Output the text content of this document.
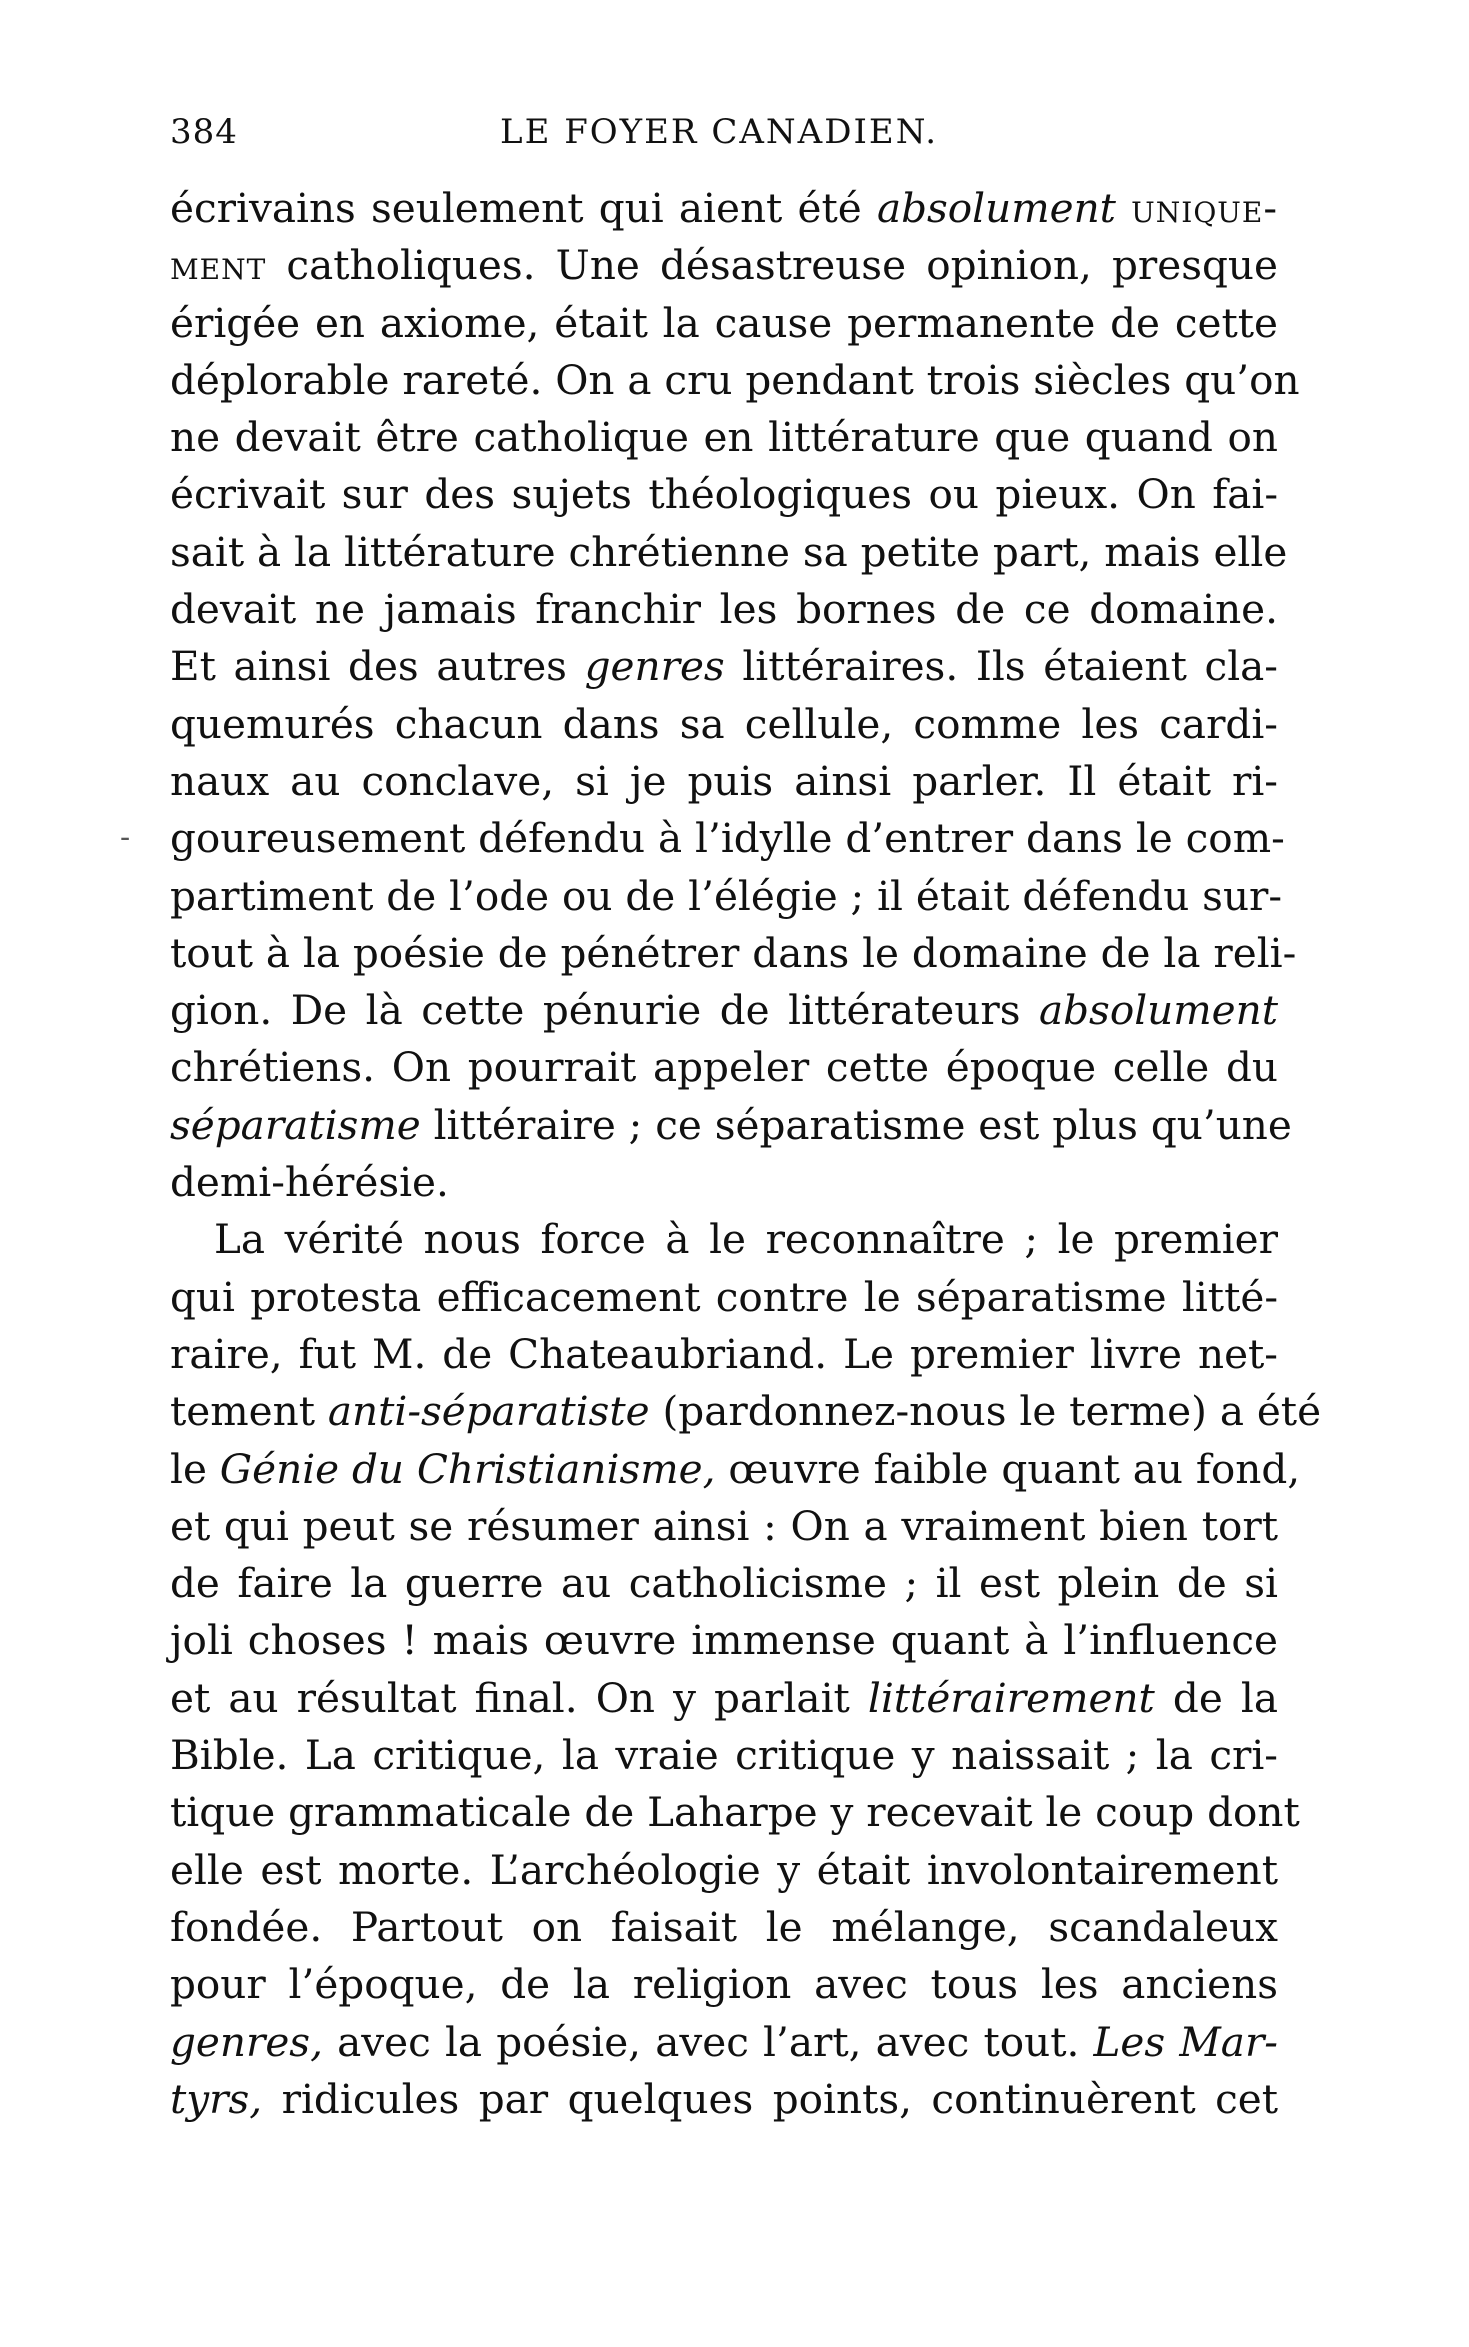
384	LE FOYER CANADIEN.
écrivains seulement qui aient été absolument unique-
ment catholiques. Une désastreuse opinion, presque
érigée en axiome, était la cause permanente de cette
déplorable rareté. On a cru pendant trois siècles qu’on
ne devait être catholique en littérature que quand on
écrivait sur des sujets théologiques ou pieux. On fai-
sait à la littérature chrétienne sa petite part, mais elle
devait ne jamais franchir les bornes de ce domaine.
Et ainsi des autres genres littéraires. Ils étaient cla-
quemurés chacun dans sa cellule, comme les cardi-
naux au conclave, si je puis ainsi parler. Il était ri-
goureusement défendu à l’idylle d’entrer dans le com-
partiment de l’ode ou de l’élégie ; il était défendu sur-
tout à la poésie de pénétrer dans le domaine de la reli-
gion. De là cette pénurie de littérateurs absolument
chrétiens. On pourrait appeler cette époque celle du
séparatisme littéraire ; ce séparatisme est plus qu’une
demi-hérésie.
La vérité nous force à le reconnaître ; le premier
qui protesta efficacement contre le séparatisme litté-
raire, fut M. de Chateaubriand. Le premier livre net-
tement anti-séparatiste (pardonnez-nous le terme) a été
le Génie du Christianisme, œuvre faible quant au fond,
et qui peut se résumer ainsi : On a vraiment bien tort
de faire la guerre au catholicisme ; il est plein de si
joli choses ! mais œuvre immense quant à l’influence
et au résultat final. On y parlait littérairement de la
Bible. La critique, la vraie critique y naissait ; la cri-
tique grammaticale de Laharpe y recevait le coup dont
elle est morte. L’archéologie y était involontairement
fondée. Partout on faisait le mélange, scandaleux
pour l’époque, de la religion avec tous les anciens
genres, avec la poésie, avec l’art, avec tout. Les Mar-
tyrs, ridicules par quelques points, continuèrent cet
-
